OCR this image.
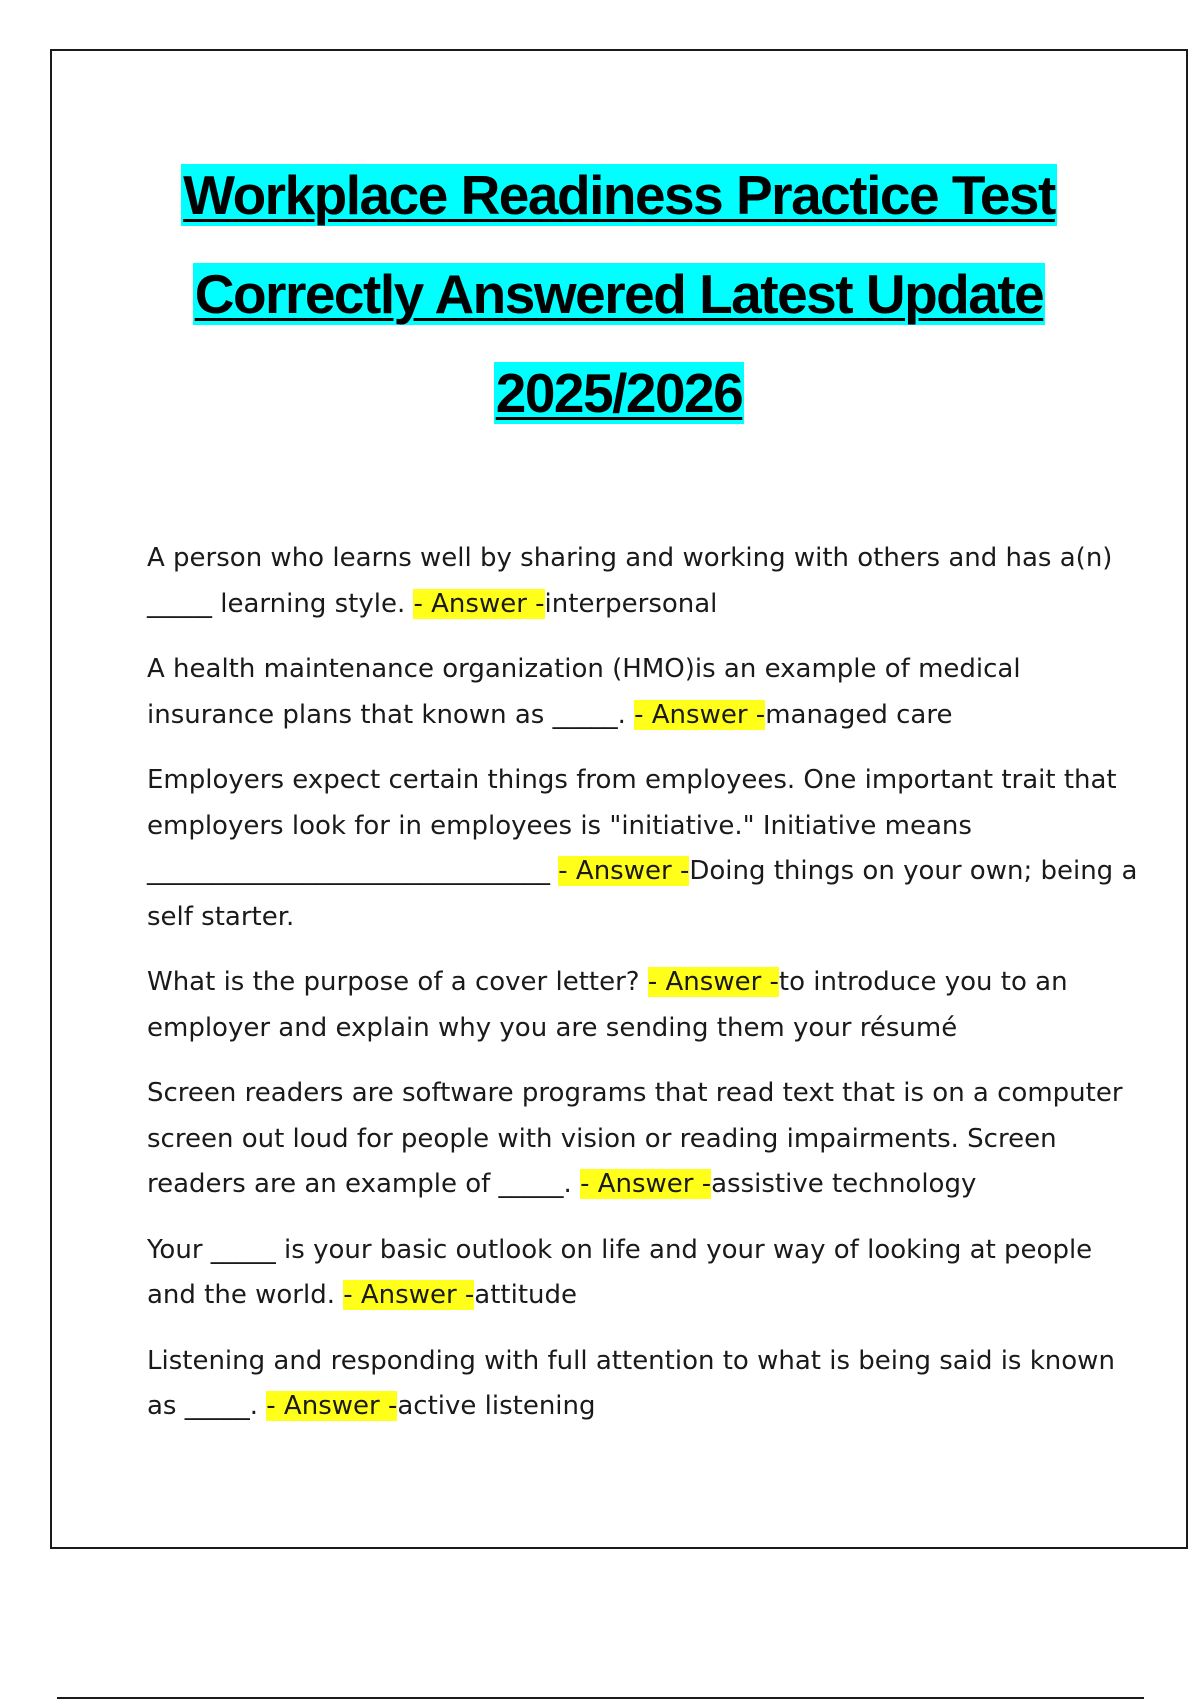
Workplace Readiness Practice Test
Correctly Answered Latest Update
2025/2026

A person who learns well by sharing and working with others and has a(n) _____ learning style. - Answer -interpersonal

A health maintenance organization (HMO)is an example of medical insurance plans that known as _____. - Answer -managed care

Employers expect certain things from employees. One important trait that employers look for in employees is "initiative." Initiative means _______________________________ - Answer -Doing things on your own; being a self starter.

What is the purpose of a cover letter? - Answer -to introduce you to an employer and explain why you are sending them your résumé

Screen readers are software programs that read text that is on a computer screen out loud for people with vision or reading impairments. Screen readers are an example of _____. - Answer -assistive technology

Your _____ is your basic outlook on life and your way of looking at people and the world. - Answer -attitude

Listening and responding with full attention to what is being said is known as _____. - Answer -active listening
